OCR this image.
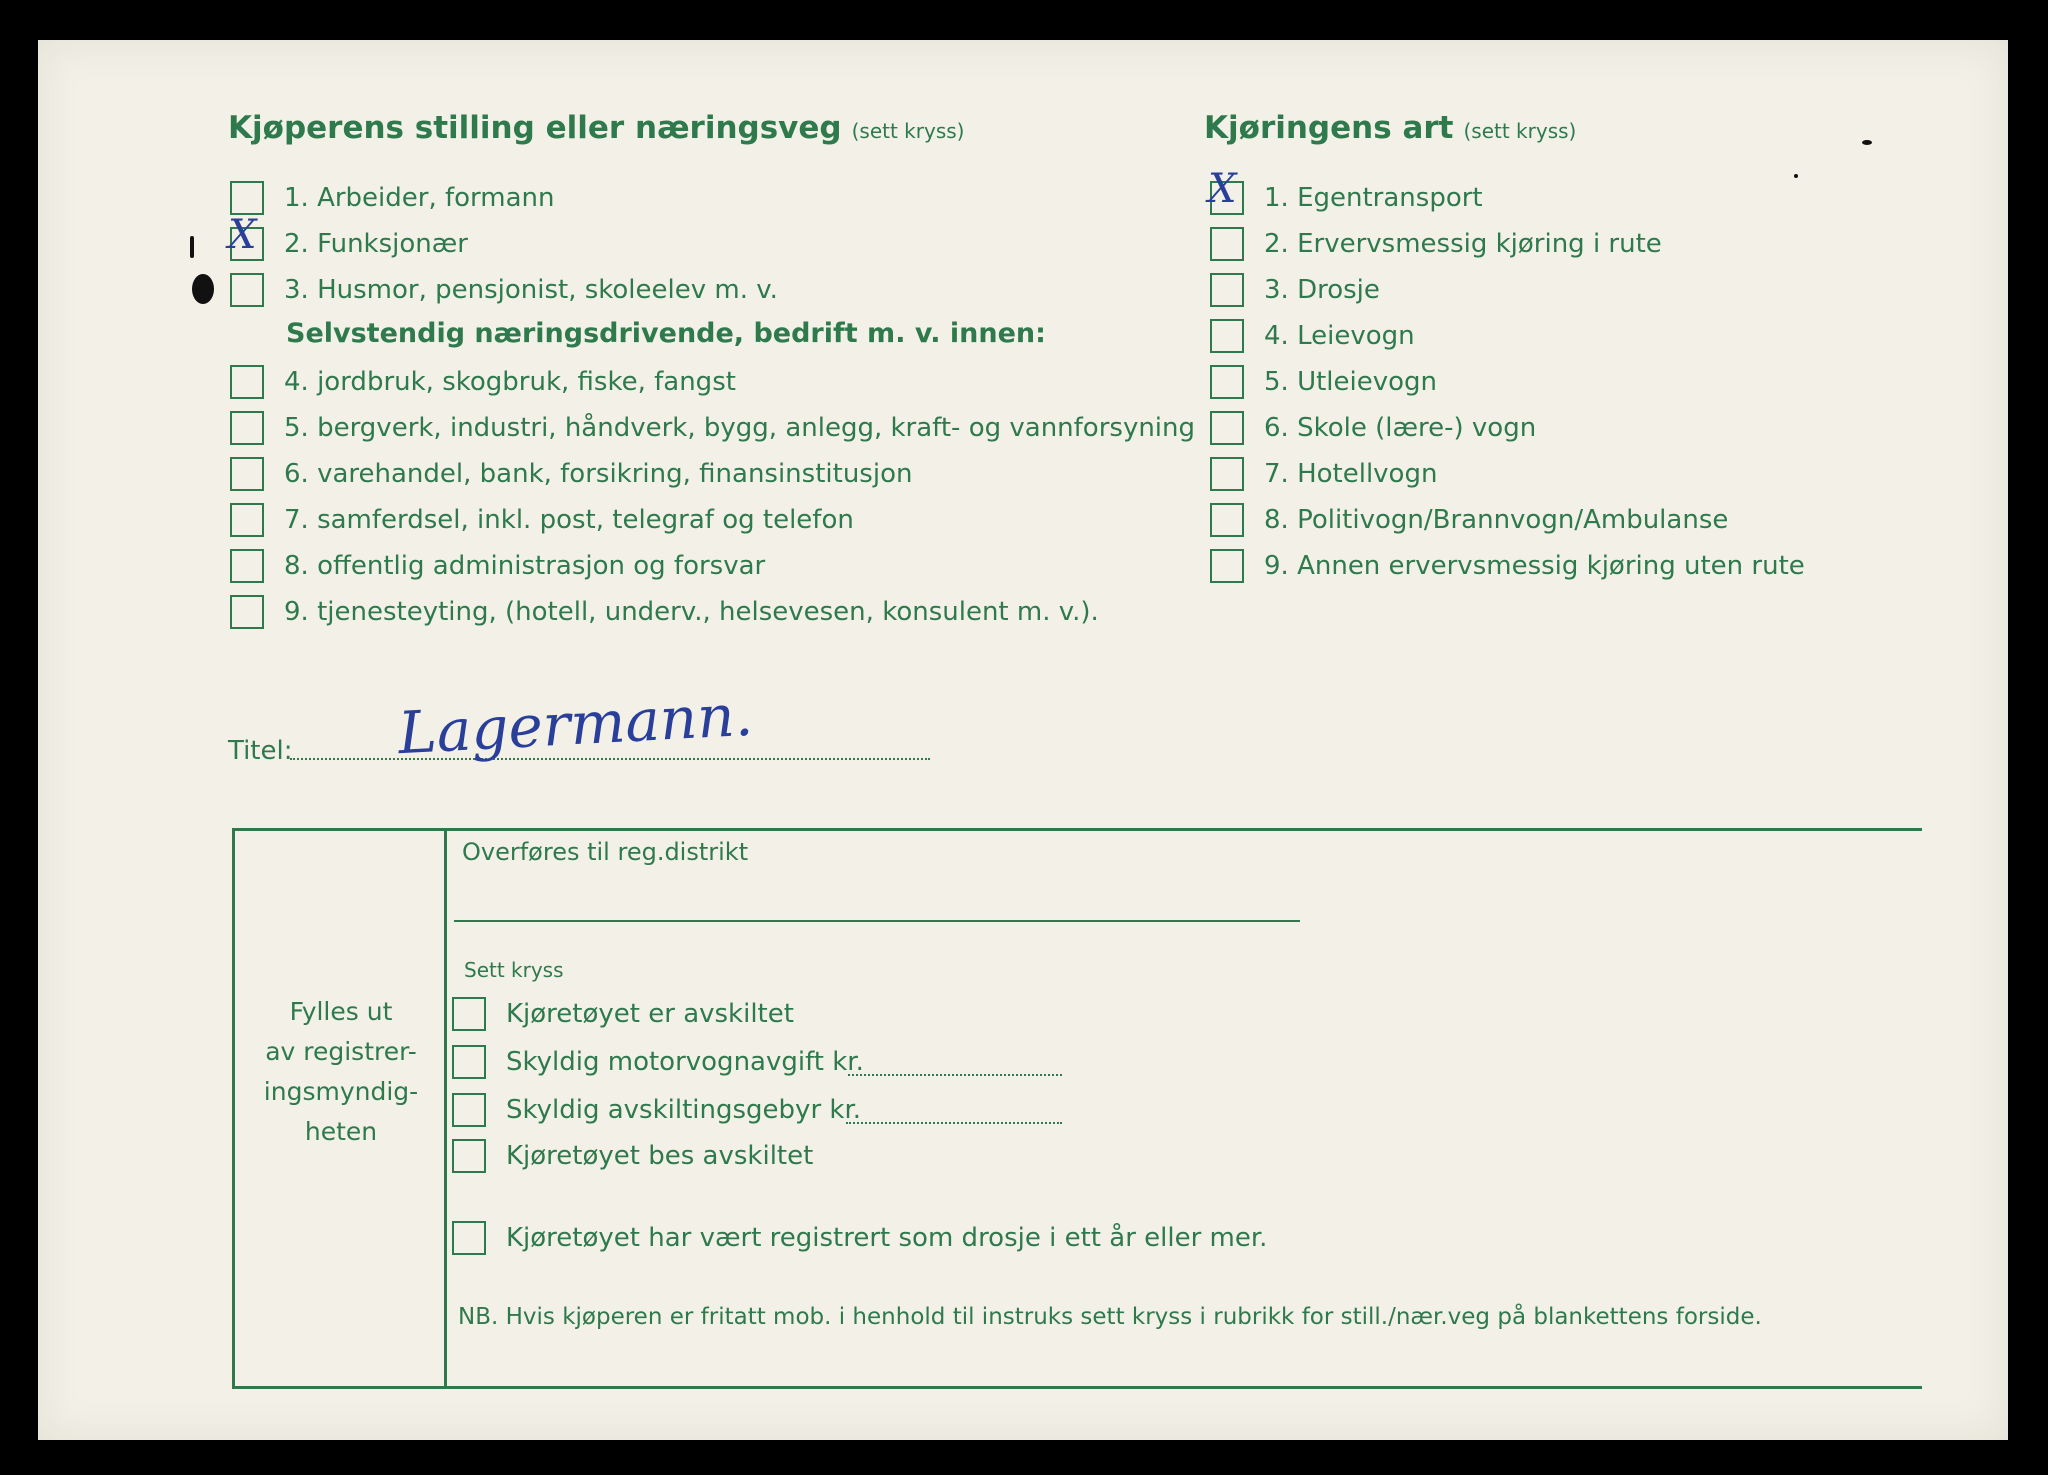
Kjøperens stilling eller næringsveg (sett kryss)
1. Arbeider, formann
X 2. Funksjonær
3. Husmor, pensjonist, skoleelev m. v.
Selvstendig næringsdrivende, bedrift m. v. innen:
4. jordbruk, skogbruk, fiske, fangst
5. bergverk, industri, håndverk, bygg, anlegg, kraft- og vannforsyning
6. varehandel, bank, forsikring, finansinstitusjon
7. samferdsel, inkl. post, telegraf og telefon
8. offentlig administrasjon og forsvar
9. tjenesteyting, (hotell, underv., helsevesen, konsulent m. v.).
Kjøringens art (sett kryss)
X 1. Egentransport
2. Ervervsmessig kjøring i rute
3. Drosje
4. Leievogn
5. Utleievogn
6. Skole (lære-) vogn
7. Hotellvogn
8. Politivogn/Brannvogn/Ambulanse
9. Annen ervervsmessig kjøring uten rute
Titel: Lagermann.
Fylles ut
av registrer-
ingsmyndig-
heten
Overføres til reg.distrikt
Sett kryss
Kjøretøyet er avskiltet
Skyldig motorvognavgift kr.
Skyldig avskiltingsgebyr kr.
Kjøretøyet bes avskiltet
Kjøretøyet har vært registrert som drosje i ett år eller mer.
NB. Hvis kjøperen er fritatt mob. i henhold til instruks sett kryss i rubrikk for still./nær.veg på blankettens forside.
